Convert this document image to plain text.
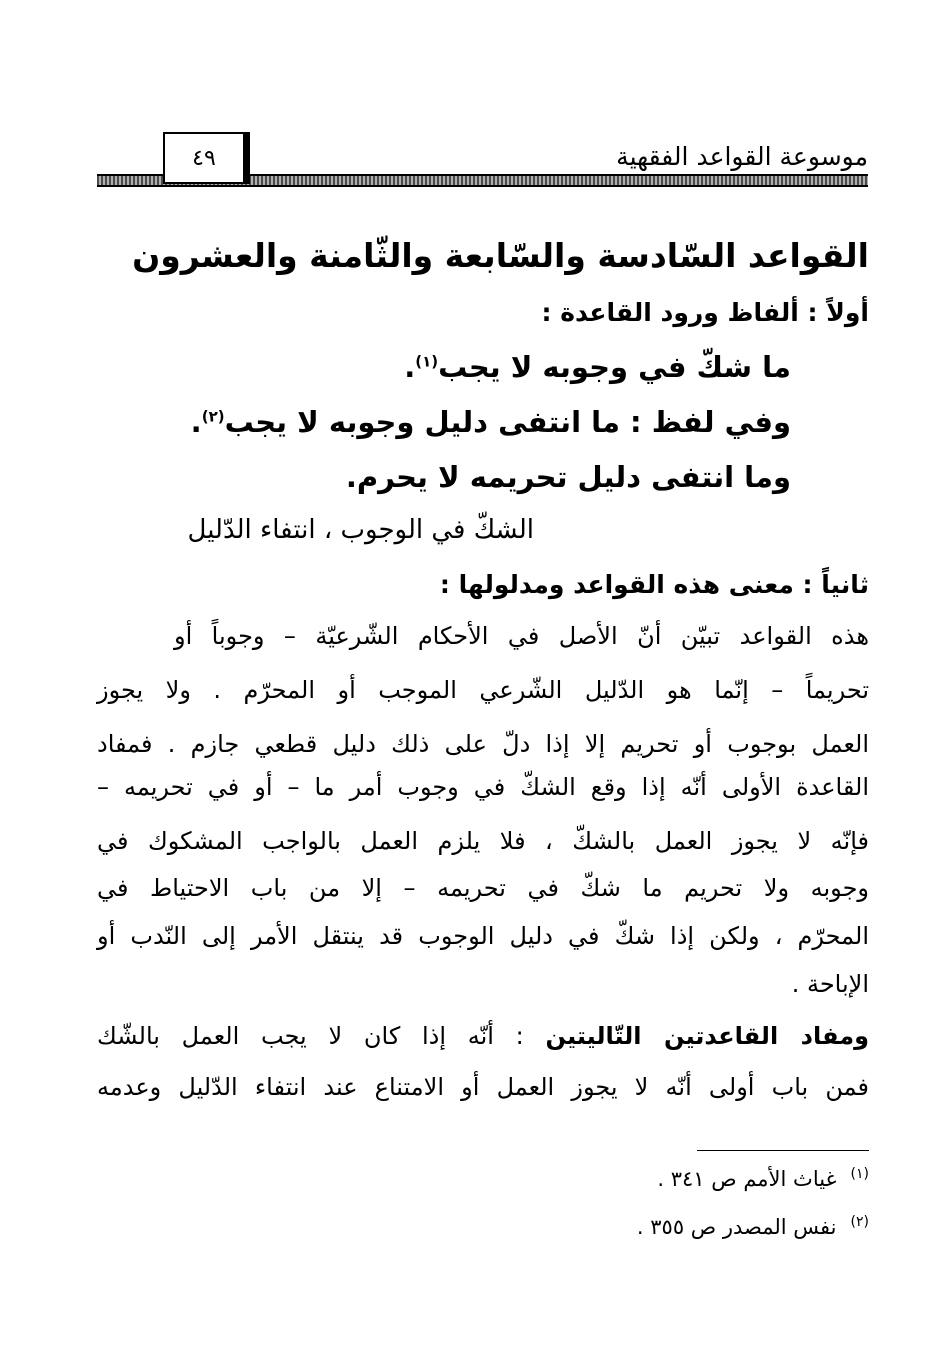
٤٩	موسوعة القواعد الفقهية
القواعد السّادسة والسّابعة والثّامنة والعشرون
أولاً : ألفاظ ورود القاعدة :
ما شكّ في وجوبه لا يجب$^{(١)}$.
وفي لفظ : ما انتفى دليل وجوبه لا يجب$^{(٢)}$.
وما انتفى دليل تحريمه لا يحرم.
الشكّ في الوجوب ، انتفاء الدّليل
ثانياً : معنى هذه القواعد ومدلولها :
هذه القواعد تبيّن أنّ الأصل في الأحكام الشّرعيّة – وجوباً أو
تحريماً – إنّما هو الدّليل الشّرعي الموجب أو المحرّم . ولا يجوز
العمل بوجوب أو تحريم إلا إذا دلّ على ذلك دليل قطعي جازم . فمفاد
القاعدة الأولى أنّه إذا وقع الشكّ في وجوب أمر ما – أو في تحريمه –
فإنّه لا يجوز العمل بالشكّ ، فلا يلزم العمل بالواجب المشكوك في
وجوبه ولا تحريم ما شكّ في تحريمه – إلا من باب الاحتياط في
المحرّم ، ولكن إذا شكّ في دليل الوجوب قد ينتقل الأمر إلى النّدب أو
الإباحة .
ومفاد القاعدتين التّاليتين : أنّه إذا كان لا يجب العمل بالشّك
فمن باب أولى أنّه لا يجوز العمل أو الامتناع عند انتفاء الدّليل وعدمه
$^{(١)}$غياث الأمم ص ٣٤١ .
$^{(٢)}$نفس المصدر ص ٣٥٥ .
